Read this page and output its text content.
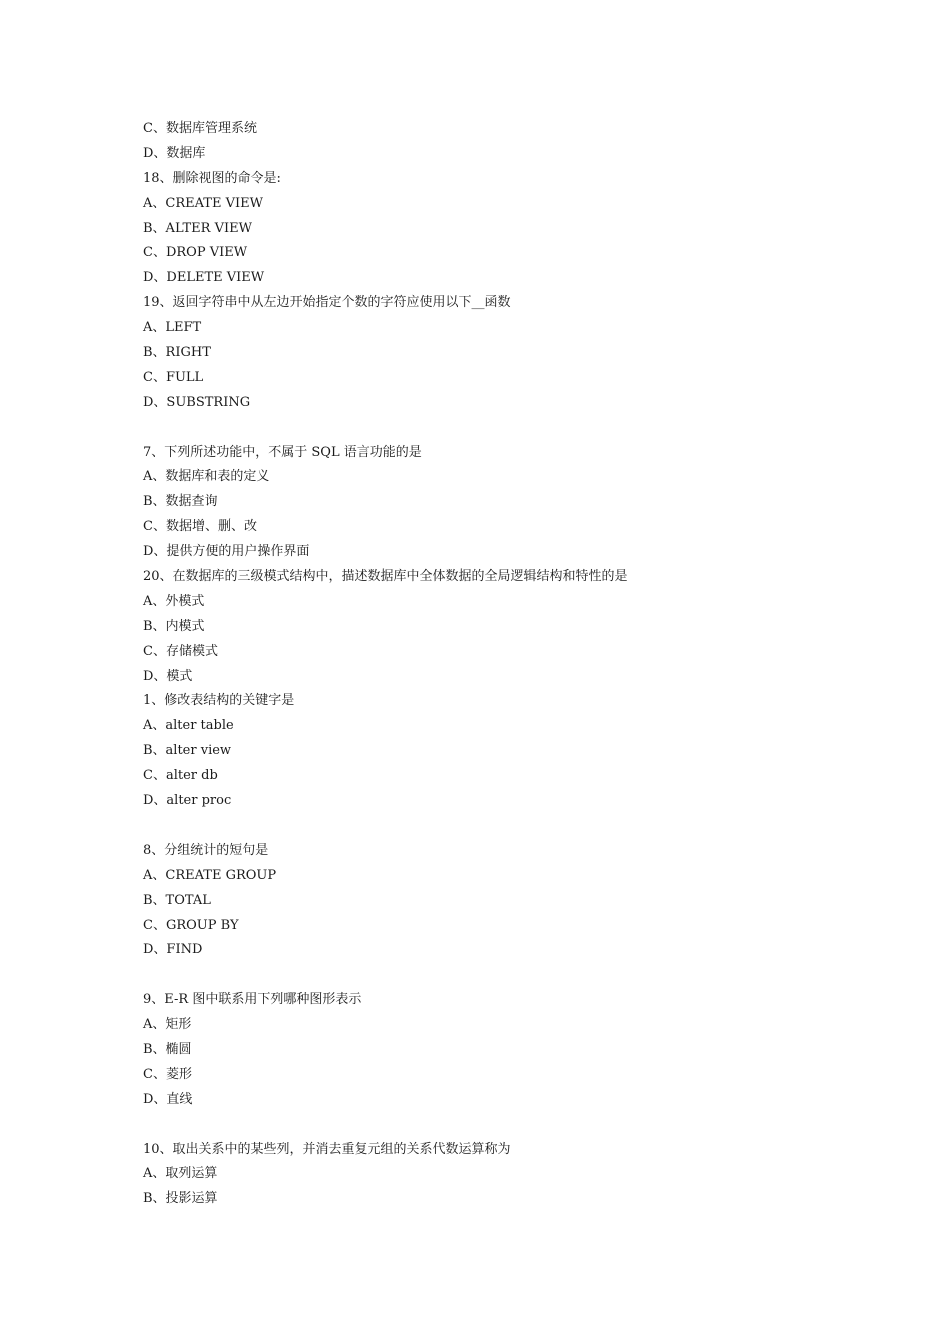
C、数据库管理系统
D、数据库
18、删除视图的命令是:
A、CREATE VIEW
B、ALTER VIEW
C、DROP VIEW
D、DELETE VIEW
19、返回字符串中从左边开始指定个数的字符应使用以下__函数
A、LEFT
B、RIGHT
C、FULL
D、SUBSTRING
7、下列所述功能中，不属于 SQL 语言功能的是
A、数据库和表的定义
B、数据查询
C、数据增、删、改
D、提供方便的用户操作界面
20、在数据库的三级模式结构中，描述数据库中全体数据的全局逻辑结构和特性的是
A、外模式
B、内模式
C、存储模式
D、模式
1、修改表结构的关键字是
A、alter table
B、alter view
C、alter db
D、alter proc
8、分组统计的短句是
A、CREATE GROUP
B、TOTAL
C、GROUP BY
D、FIND
9、E-R 图中联系用下列哪种图形表示
A、矩形
B、椭圆
C、菱形
D、直线
10、取出关系中的某些列，并消去重复元组的关系代数运算称为
A、取列运算
B、投影运算
